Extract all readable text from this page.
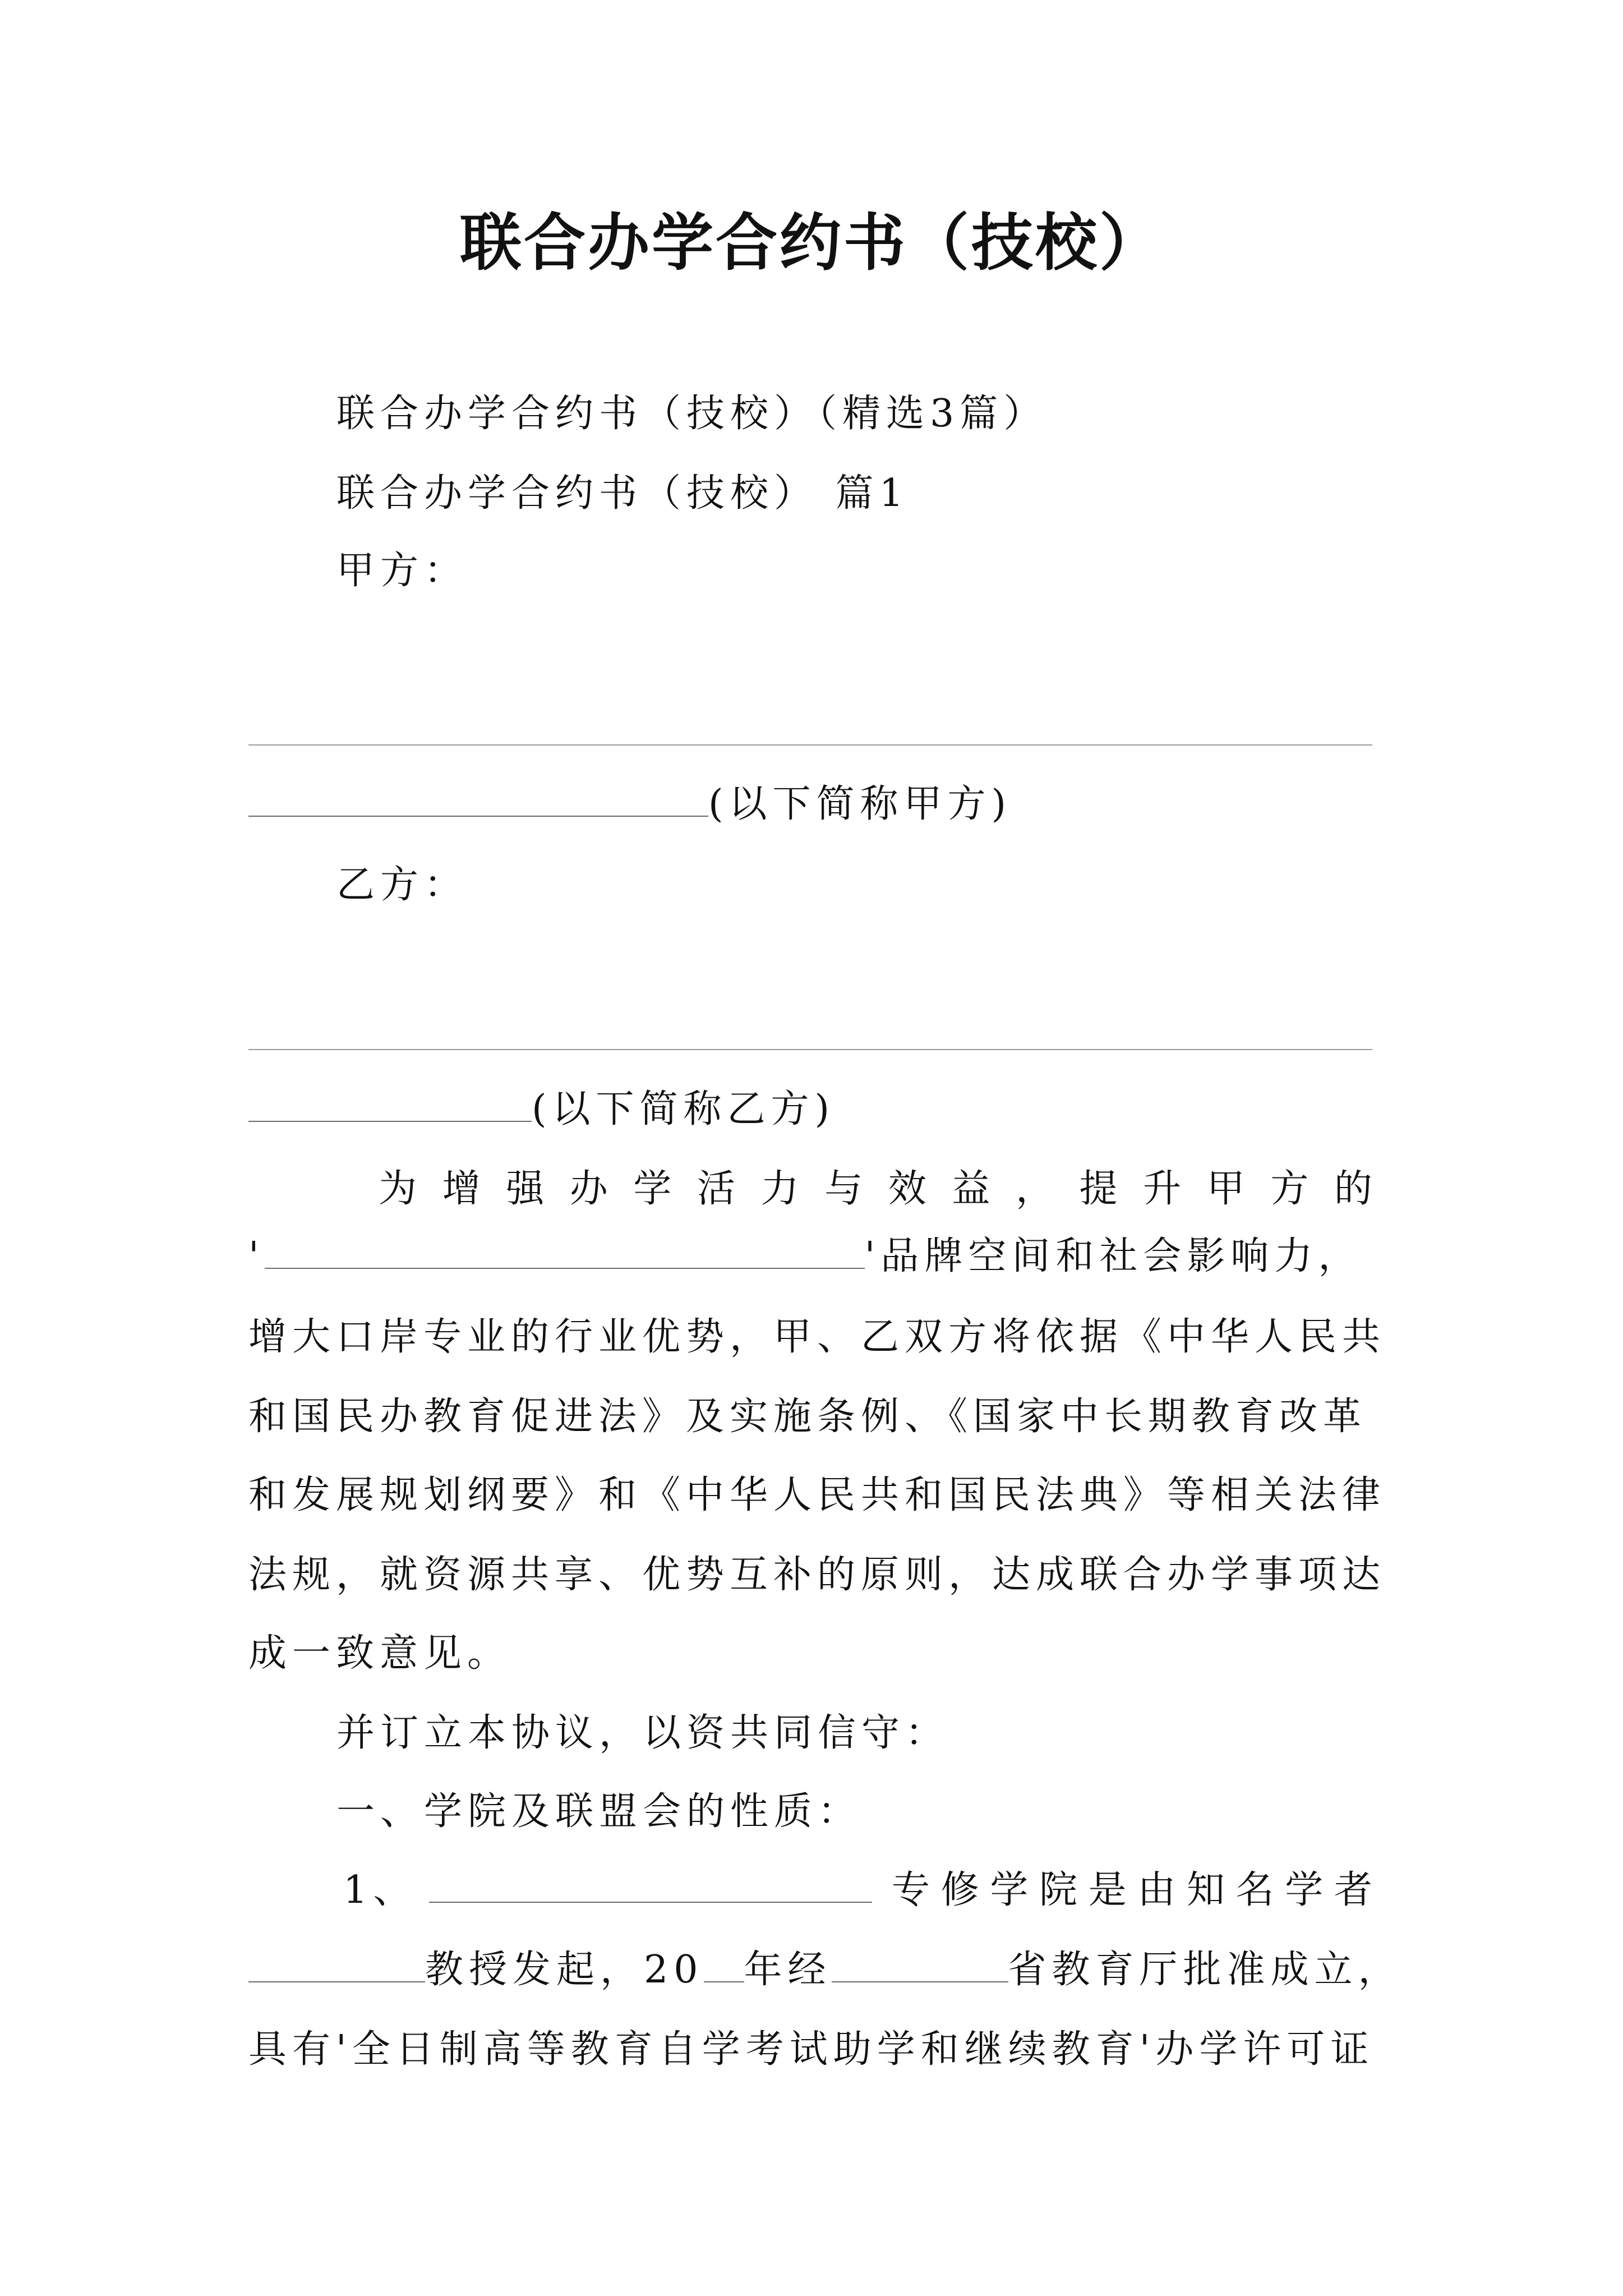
联合办学合约书（技校）
联合办学合约书（技校）（精选3篇）
联合办学合约书（技校） 篇1
甲方：
(以下简称甲方)
乙方：
(以下简称乙方)
为 增 强 办 学 活 力 与 效 益 ， 提 升 甲 方 的
'	'品牌空间和社会影响力，
增大口岸专业的行业优势，甲、乙双方将依据《中华人民共
和国民办教育促进法》及实施条例、《国家中长期教育改革
和发展规划纲要》和《中华人民共和国民法典》等相关法律
法规，就资源共享、优势互补的原则，达成联合办学事项达
成一致意见。
并订立本协议，以资共同信守：
一、学院及联盟会的性质：
1、	专 修 学 院 是 由 知 名 学 者
教授发起，20 年经	省教育厅批准成立，
具有'全日制高等教育自学考试助学和继续教育'办学许可证
